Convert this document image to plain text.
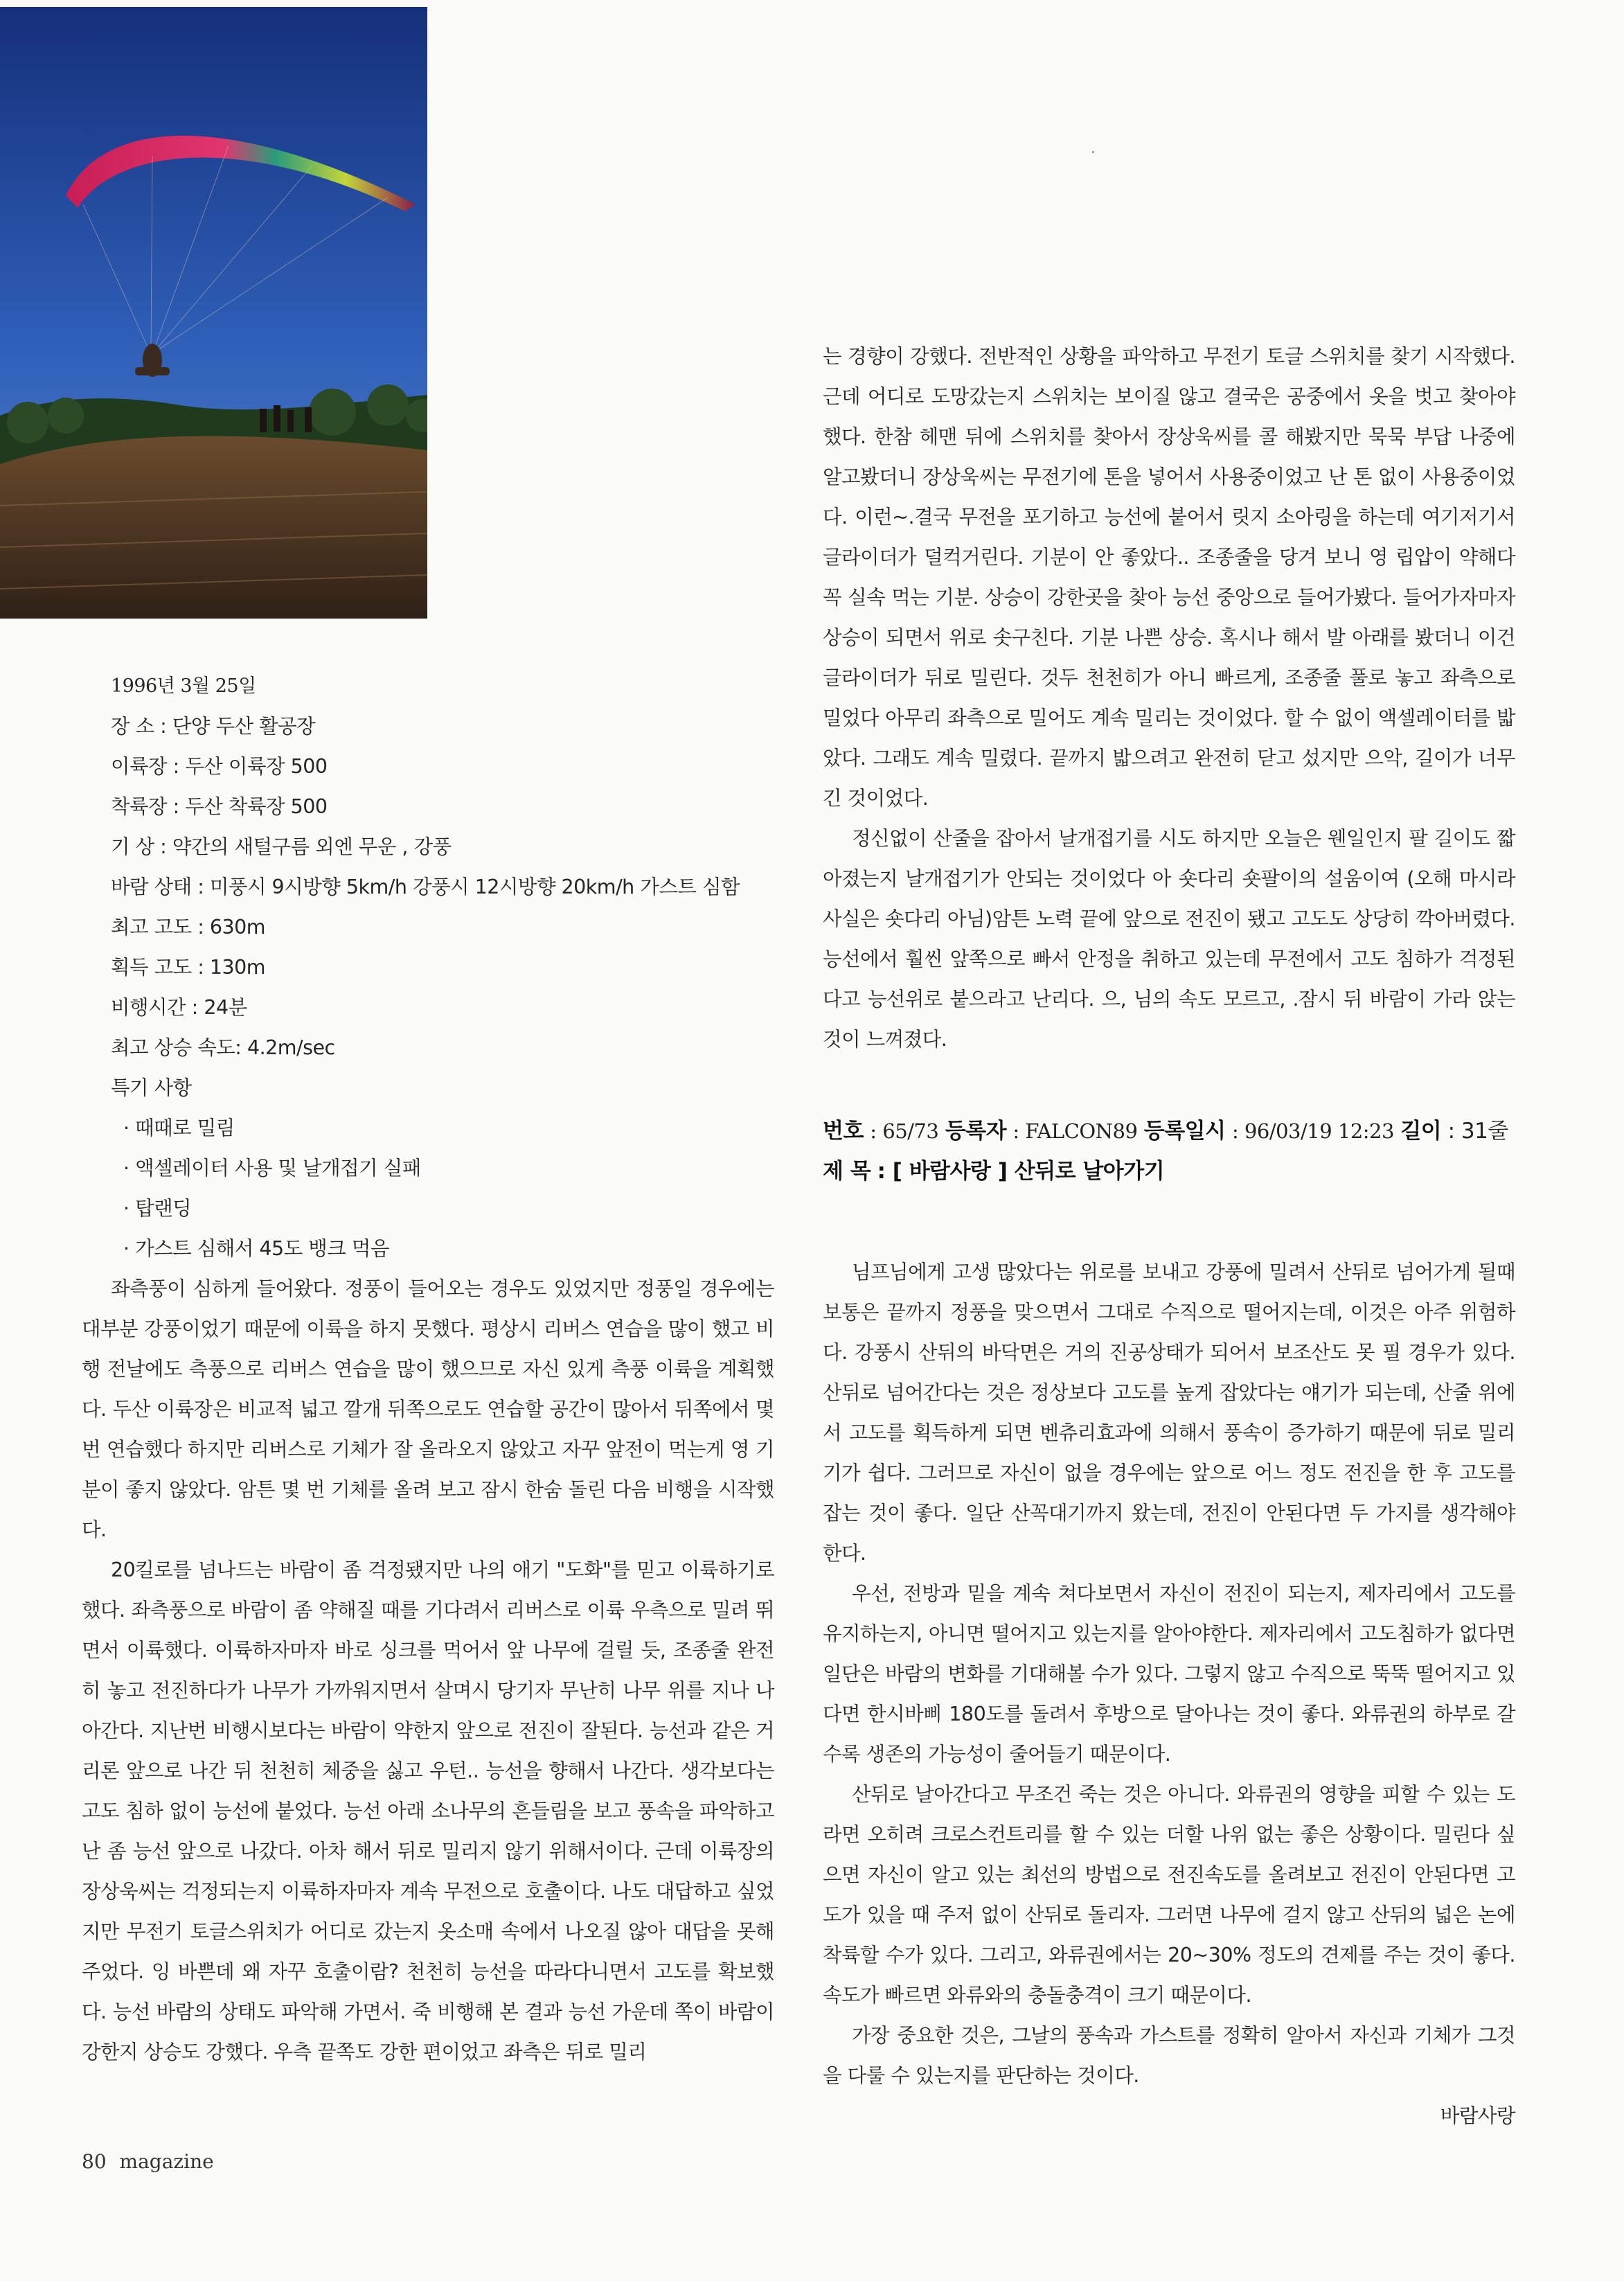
1996년 3월 25일
장 소 : 단양 두산 활공장
이륙장 : 두산 이륙장 500
착륙장 : 두산 착륙장 500
기 상 : 약간의 새털구름 외엔 무운 , 강풍
바람 상태 : 미풍시 9시방향 5km/h 강풍시 12시방향 20km/h 가스트 심함
최고 고도 : 630m
획득 고도 : 130m
비행시간 : 24분
최고 상승 속도: 4.2m/sec
특기 사항
· 때때로 밀림
· 액셀레이터 사용 및 날개접기 실패
· 탑랜딩
· 가스트 심해서 45도 뱅크 먹음

좌측풍이 심하게 들어왔다. 정풍이 들어오는 경우도 있었지만 정풍일 경우에는 대부분 강풍이었기 때문에 이륙을 하지 못했다. 평상시 리버스 연습을 많이 했고 비행 전날에도 측풍으로 리버스 연습을 많이 했으므로 자신 있게 측풍 이륙을 계획했다. 두산 이륙장은 비교적 넓고 깔개 뒤쪽으로도 연습할 공간이 많아서 뒤쪽에서 몇 번 연습했다 하지만 리버스로 기체가 잘 올라오지 않았고 자꾸 앞전이 먹는게 영 기분이 좋지 않았다. 암튼 몇 번 기체를 올려 보고 잠시 한숨 돌린 다음 비행을 시작했다.

20킬로를 넘나드는 바람이 좀 걱정됐지만 나의 애기 "도화"를 믿고 이륙하기로 했다. 좌측풍으로 바람이 좀 약해질 때를 기다려서 리버스로 이륙 우측으로 밀려 뛰면서 이륙했다. 이륙하자마자 바로 싱크를 먹어서 앞 나무에 걸릴 듯, 조종줄 완전히 놓고 전진하다가 나무가 가까워지면서 살며시 당기자 무난히 나무 위를 지나 나아간다. 지난번 비행시보다는 바람이 약한지 앞으로 전진이 잘된다. 능선과 같은 거리론 앞으로 나간 뒤 천천히 체중을 싫고 우턴.. 능선을 향해서 나간다. 생각보다는 고도 침하 없이 능선에 붙었다. 능선 아래 소나무의 흔들림을 보고 풍속을 파악하고 난 좀 능선 앞으로 나갔다. 아차 해서 뒤로 밀리지 않기 위해서이다. 근데 이륙장의 장상욱씨는 걱정되는지 이륙하자마자 계속 무전으로 호출이다. 나도 대답하고 싶었지만 무전기 토글스위치가 어디로 갔는지 옷소매 속에서 나오질 않아 대답을 못해 주었다. 잉 바쁜데 왜 자꾸 호출이람? 천천히 능선을 따라다니면서 고도를 확보했다. 능선 바람의 상태도 파악해 가면서. 죽 비행해 본 결과 능선 가운데 쪽이 바람이 강한지 상승도 강했다. 우측 끝쪽도 강한 편이었고 좌측은 뒤로 밀리

는 경향이 강했다. 전반적인 상황을 파악하고 무전기 토글 스위치를 찾기 시작했다. 근데 어디로 도망갔는지 스위치는 보이질 않고 결국은 공중에서 옷을 벗고 찾아야 했다. 한참 헤맨 뒤에 스위치를 찾아서 장상욱씨를 콜 해봤지만 묵묵 부답 나중에 알고봤더니 장상욱씨는 무전기에 톤을 넣어서 사용중이었고 난 톤 없이 사용중이었다. 이런~.결국 무전을 포기하고 능선에 붙어서 릿지 소아링을 하는데 여기저기서 글라이더가 덜컥거린다. 기분이 안 좋았다.. 조종줄을 당겨 보니 영 립압이 약해다 꼭 실속 먹는 기분. 상승이 강한곳을 찾아 능선 중앙으로 들어가봤다. 들어가자마자 상승이 되면서 위로 솟구친다. 기분 나쁜 상승. 혹시나 해서 발 아래를 봤더니 이건 글라이더가 뒤로 밀린다. 것두 천천히가 아니 빠르게, 조종줄 풀로 놓고 좌측으로 밀었다 아무리 좌측으로 밀어도 계속 밀리는 것이었다. 할 수 없이 액셀레이터를 밟았다. 그래도 계속 밀렸다. 끝까지 밟으려고 완전히 닫고 섰지만 으악, 길이가 너무 긴 것이었다.

정신없이 산줄을 잡아서 날개접기를 시도 하지만 오늘은 웬일인지 팔 길이도 짧아졌는지 날개접기가 안되는 것이었다 아 숏다리 숏팔이의 설움이여 (오해 마시라 사실은 숏다리 아님)암튼 노력 끝에 앞으로 전진이 됐고 고도도 상당히 깍아버렸다. 능선에서 훨씬 앞쪽으로 빠서 안정을 취하고 있는데 무전에서 고도 침하가 걱정된다고 능선위로 붙으라고 난리다. 으, 님의 속도 모르고, .잠시 뒤 바람이 가라 앉는 것이 느껴졌다.

번호 : 65/73 등록자 : FALCON89 등록일시 : 96/03/19 12:23 길이 : 31줄
제 목 : [ 바람사랑 ] 산뒤로 날아가기

님프님에게 고생 많았다는 위로를 보내고 강풍에 밀려서 산뒤로 넘어가게 될때 보통은 끝까지 정풍을 맞으면서 그대로 수직으로 떨어지는데, 이것은 아주 위험하다. 강풍시 산뒤의 바닥면은 거의 진공상태가 되어서 보조산도 못 필 경우가 있다. 산뒤로 넘어간다는 것은 정상보다 고도를 높게 잡았다는 얘기가 되는데, 산줄 위에서 고도를 획득하게 되면 벤츄리효과에 의해서 풍속이 증가하기 때문에 뒤로 밀리기가 쉽다. 그러므로 자신이 없을 경우에는 앞으로 어느 정도 전진을 한 후 고도를 잡는 것이 좋다. 일단 산꼭대기까지 왔는데, 전진이 안된다면 두 가지를 생각해야 한다.

우선, 전방과 밑을 계속 쳐다보면서 자신이 전진이 되는지, 제자리에서 고도를 유지하는지, 아니면 떨어지고 있는지를 알아야한다. 제자리에서 고도침하가 없다면 일단은 바람의 변화를 기대해볼 수가 있다. 그렇지 않고 수직으로 뚝뚝 떨어지고 있다면 한시바삐 180도를 돌려서 후방으로 달아나는 것이 좋다. 와류권의 하부로 갈수록 생존의 가능성이 줄어들기 때문이다.

산뒤로 날아간다고 무조건 죽는 것은 아니다. 와류권의 영향을 피할 수 있는 도라면 오히려 크로스컨트리를 할 수 있는 더할 나위 없는 좋은 상황이다. 밀린다 싶으면 자신이 알고 있는 최선의 방법으로 전진속도를 올려보고 전진이 안된다면 고도가 있을 때 주저 없이 산뒤로 돌리자. 그러면 나무에 걸지 않고 산뒤의 넓은 논에 착륙할 수가 있다. 그리고, 와류권에서는 20~30% 정도의 견제를 주는 것이 좋다. 속도가 빠르면 와류와의 충돌충격이 크기 때문이다.

가장 중요한 것은, 그날의 풍속과 가스트를 정확히 알아서 자신과 기체가 그것을 다룰 수 있는지를 판단하는 것이다.

바람사랑
80 magazine
